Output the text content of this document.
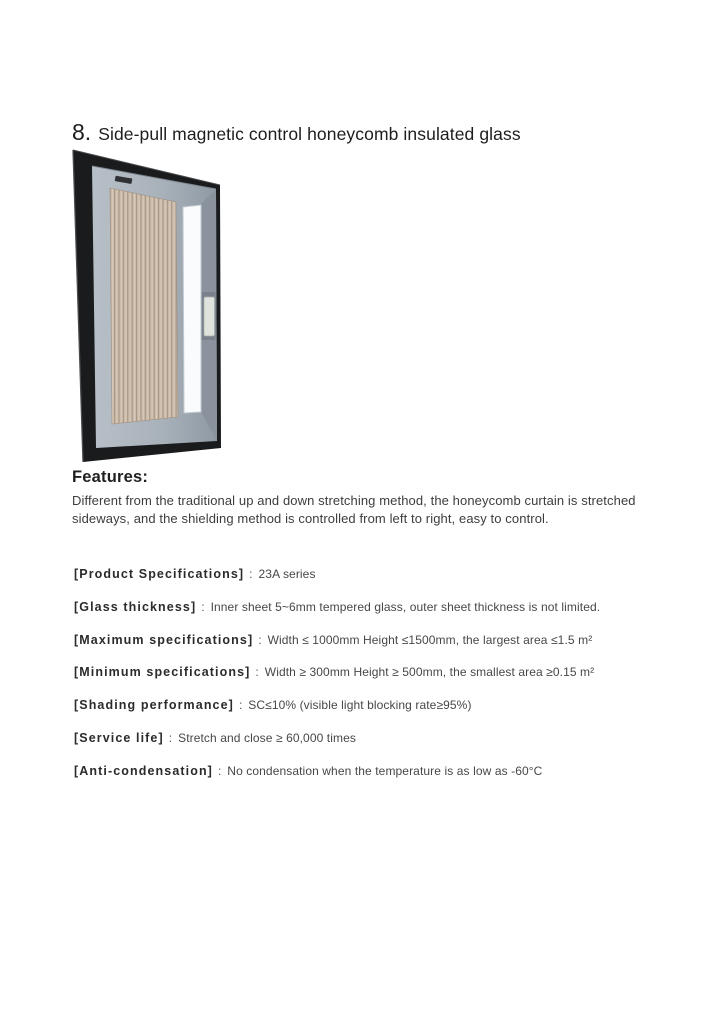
8. Side-pull magnetic control honeycomb insulated glass
Features:

Different from the traditional up and down stretching method, the honeycomb curtain is stretched sideways, and the shielding method is controlled from left to right, easy to control.

[Product Specifications] : 23A series
[Glass thickness] : Inner sheet 5~6mm tempered glass, outer sheet thickness is not limited.
[Maximum specifications] : Width ≤ 1000mm Height ≤1500mm, the largest area ≤1.5 m²
[Minimum specifications] : Width ≥ 300mm Height ≥ 500mm, the smallest area ≥0.15 m²
[Shading performance] : SC≤10% (visible light blocking rate≥95%)
[Service life] : Stretch and close ≥ 60,000 times
[Anti-condensation] : No condensation when the temperature is as low as -60°C
